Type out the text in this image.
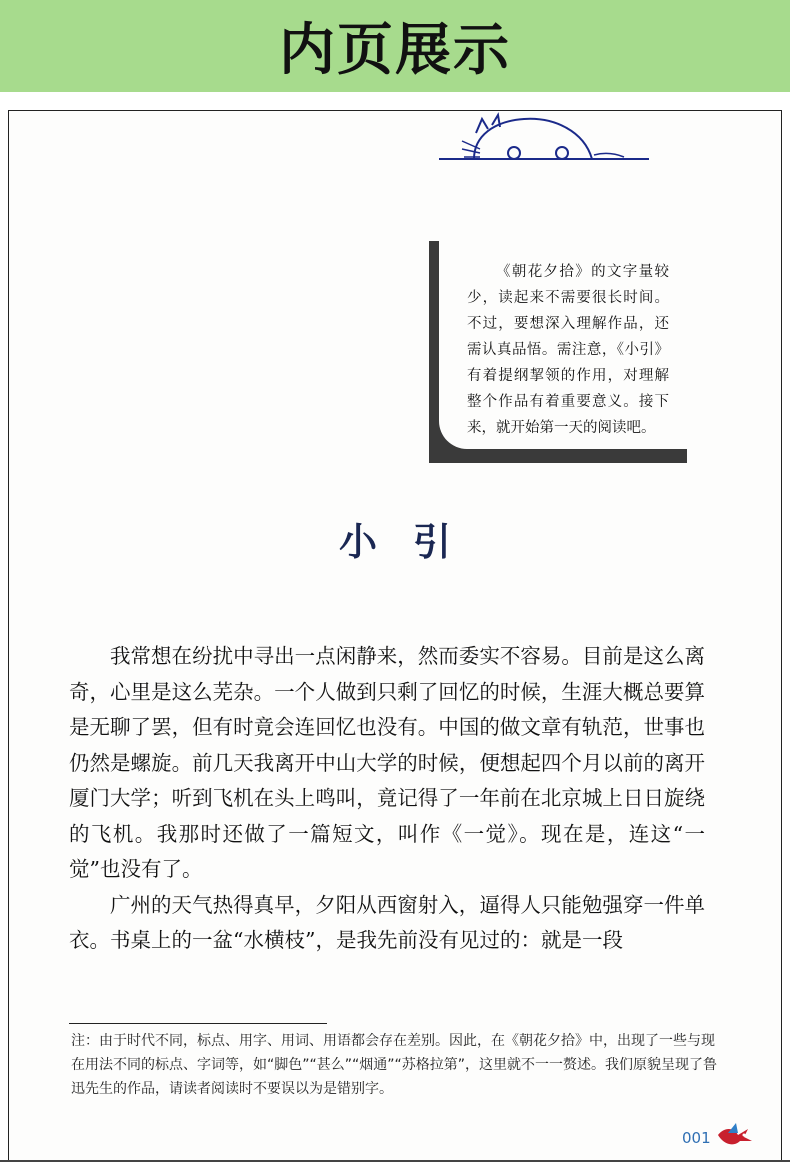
内页展示
《朝花夕拾》的文字量较少，读起来不需要很长时间。不过，要想深入理解作品，还需认真品悟。需注意，《小引》有着提纲挈领的作用，对理解整个作品有着重要意义。接下来，就开始第一天的阅读吧。
小引

我常想在纷扰中寻出一点闲静来，然而委实不容易。目前是这么离奇，心里是这么芜杂。一个人做到只剩了回忆的时候，生涯大概总要算是无聊了罢，但有时竟会连回忆也没有。中国的做文章有轨范，世事也仍然是螺旋。前几天我离开中山大学的时候，便想起四个月以前的离开厦门大学；听到飞机在头上鸣叫，竟记得了一年前在北京城上日日旋绕的飞机。我那时还做了一篇短文，叫作《一觉》。现在是，连这“一觉”也没有了。

广州的天气热得真早，夕阳从西窗射入，逼得人只能勉强穿一件单衣。书桌上的一盆“水横枝”，是我先前没有见过的：就是一段

注：由于时代不同，标点、用字、用词、用语都会存在差别。因此，在《朝花夕拾》中，出现了一些与现在用法不同的标点、字词等，如“脚色”“甚么”“烟通”“苏格拉第”，这里就不一一赘述。我们原貌呈现了鲁迅先生的作品，请读者阅读时不要误以为是错别字。
001
